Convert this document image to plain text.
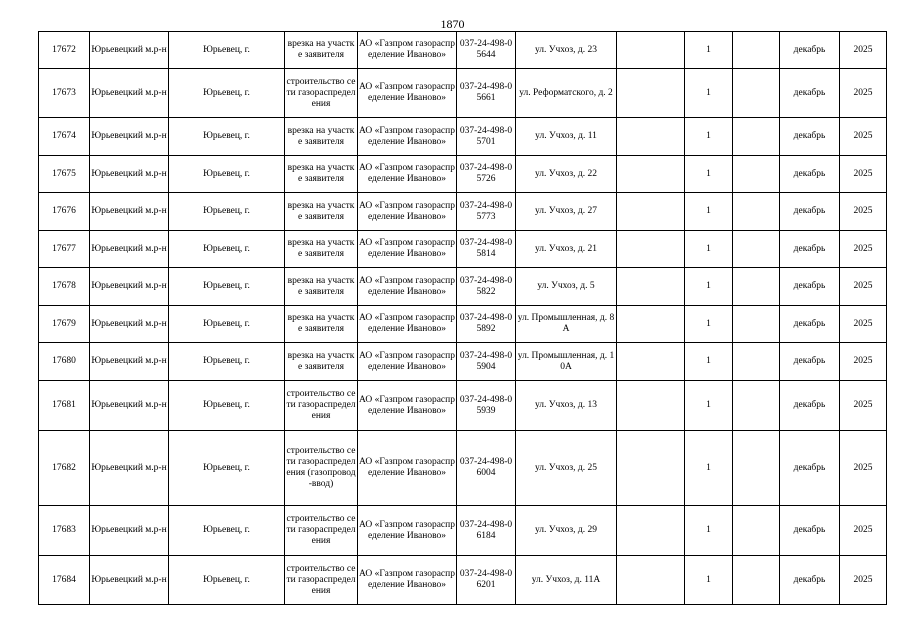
1870
17672	Юрьевецкий м.р-н	Юрьевец, г.	врезка на участке заявителя	АО «Газпром газораспределение Иваново»	037-24-498-05644	ул. Учхоз, д. 23		1		декабрь	2025
17673	Юрьевецкий м.р-н	Юрьевец, г.	строительство сети газораспределения	АО «Газпром газораспределение Иваново»	037-24-498-05661	ул. Реформатского, д. 2		1		декабрь	2025
17674	Юрьевецкий м.р-н	Юрьевец, г.	врезка на участке заявителя	АО «Газпром газораспределение Иваново»	037-24-498-05701	ул. Учхоз, д. 11		1		декабрь	2025
17675	Юрьевецкий м.р-н	Юрьевец, г.	врезка на участке заявителя	АО «Газпром газораспределение Иваново»	037-24-498-05726	ул. Учхоз, д. 22		1		декабрь	2025
17676	Юрьевецкий м.р-н	Юрьевец, г.	врезка на участке заявителя	АО «Газпром газораспределение Иваново»	037-24-498-05773	ул. Учхоз, д. 27		1		декабрь	2025
17677	Юрьевецкий м.р-н	Юрьевец, г.	врезка на участке заявителя	АО «Газпром газораспределение Иваново»	037-24-498-05814	ул. Учхоз, д. 21		1		декабрь	2025
17678	Юрьевецкий м.р-н	Юрьевец, г.	врезка на участке заявителя	АО «Газпром газораспределение Иваново»	037-24-498-05822	ул. Учхоз, д. 5		1		декабрь	2025
17679	Юрьевецкий м.р-н	Юрьевец, г.	врезка на участке заявителя	АО «Газпром газораспределение Иваново»	037-24-498-05892	ул. Промышленная, д. 8А		1		декабрь	2025
17680	Юрьевецкий м.р-н	Юрьевец, г.	врезка на участке заявителя	АО «Газпром газораспределение Иваново»	037-24-498-05904	ул. Промышленная, д. 10А		1		декабрь	2025
17681	Юрьевецкий м.р-н	Юрьевец, г.	строительство сети газораспределения	АО «Газпром газораспределение Иваново»	037-24-498-05939	ул. Учхоз, д. 13		1		декабрь	2025
17682	Юрьевецкий м.р-н	Юрьевец, г.	строительство сети газораспределения (газопровод-ввод)	АО «Газпром газораспределение Иваново»	037-24-498-06004	ул. Учхоз, д. 25		1		декабрь	2025
17683	Юрьевецкий м.р-н	Юрьевец, г.	строительство сети газораспределения	АО «Газпром газораспределение Иваново»	037-24-498-06184	ул. Учхоз, д. 29		1		декабрь	2025
17684	Юрьевецкий м.р-н	Юрьевец, г.	строительство сети газораспределения	АО «Газпром газораспределение Иваново»	037-24-498-06201	ул. Учхоз, д. 11А		1		декабрь	2025
